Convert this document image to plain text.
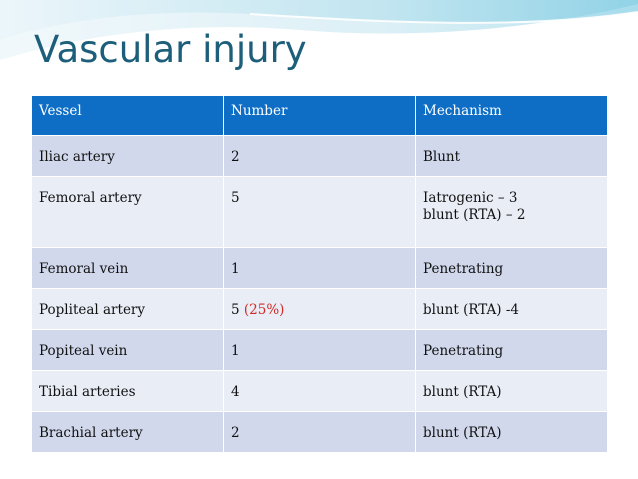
Vascular injury
Vessel	Number	Mechanism
Iliac artery	2	Blunt
Femoral artery	5	Iatrogenic – 3
blunt (RTA) – 2

Femoral vein	1	Penetrating
Popliteal artery	5 (25%)	blunt (RTA) -4
Popiteal vein	1	Penetrating
Tibial arteries	4	blunt (RTA)
Brachial artery	2	blunt (RTA)
